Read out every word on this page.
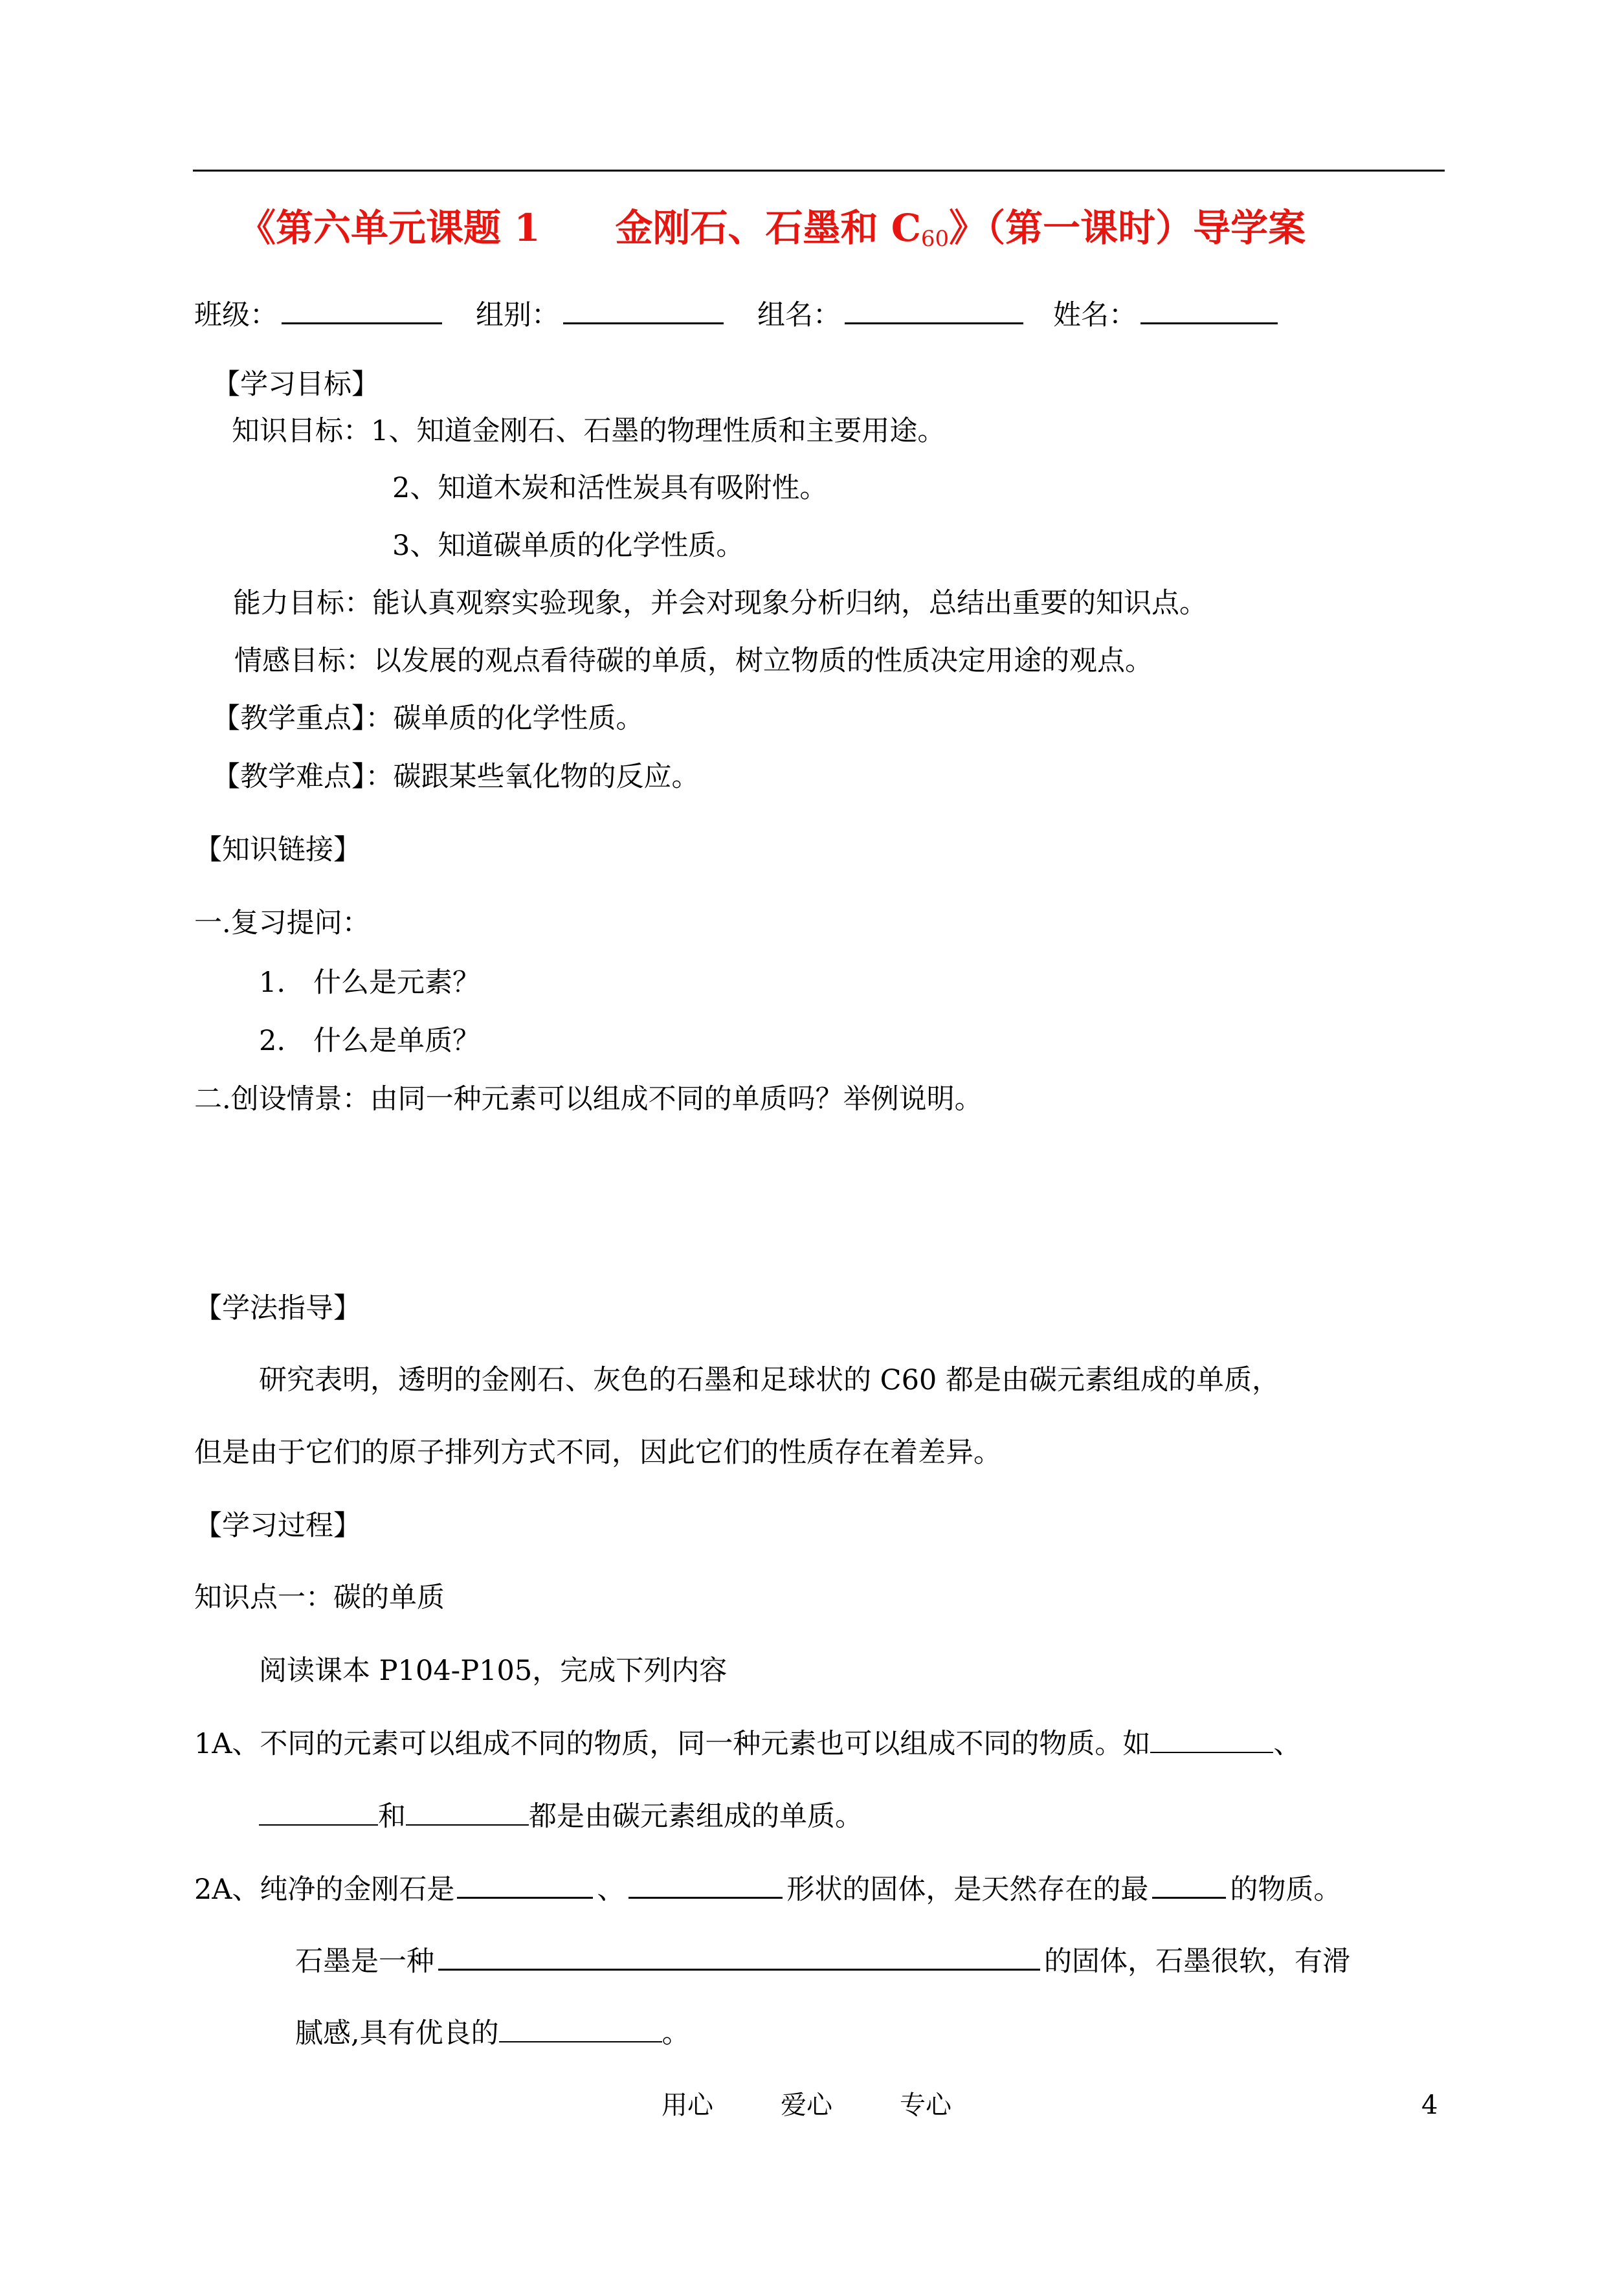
《第六单元课题 1　　金刚石、石墨和 $C_{60}$》（第一课时）导学案
班级：	组别：	组名：	姓名：
【学习目标】
知识目标：1、知道金刚石、石墨的物理性质和主要用途。
2、知道木炭和活性炭具有吸附性。
3、知道碳单质的化学性质。
能力目标：能认真观察实验现象，并会对现象分析归纳，总结出重要的知识点。
情感目标：以发展的观点看待碳的单质，树立物质的性质决定用途的观点。
【教学重点】：碳单质的化学性质。
【教学难点】：碳跟某些氧化物的反应。
【知识链接】
一.复习提问：
1.　什么是元素？
2.　什么是单质？
二.创设情景：由同一种元素可以组成不同的单质吗？举例说明。
【学法指导】
研究表明，透明的金刚石、灰色的石墨和足球状的 C60 都是由碳元素组成的单质，
但是由于它们的原子排列方式不同，因此它们的性质存在着差异。
【学习过程】
知识点一：碳的单质
阅读课本 P104-P105，完成下列内容
1A、不同的元素可以组成不同的物质，同一种元素也可以组成不同的物质。如	、
和	都是由碳元素组成的单质。
2A、纯净的金刚石是	、	形状的固体，是天然存在的最	的物质。
石墨是一种	的固体，石墨很软，有滑
腻感,具有优良的	。
用心	爱心	专心	4
